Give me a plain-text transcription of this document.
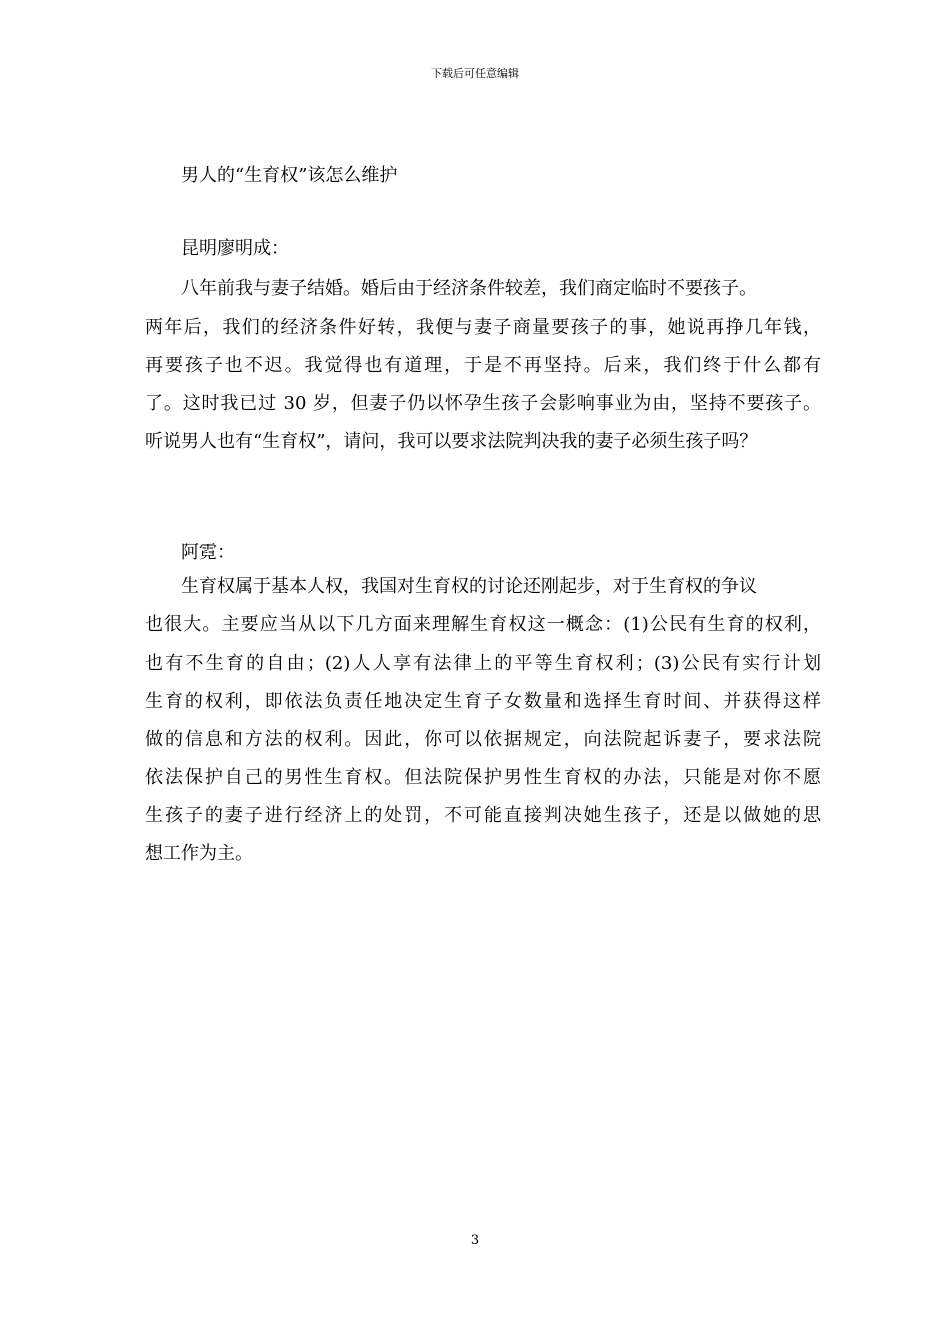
下载后可任意编辑
男人的“生育权”该怎么维护
昆明廖明成：
八年前我与妻子结婚。婚后由于经济条件较差，我们商定临时不要孩子。
两年后，我们的经济条件好转，我便与妻子商量要孩子的事，她说再挣几年钱，
再要孩子也不迟。我觉得也有道理，于是不再坚持。后来，我们终于什么都有
了。这时我已过 30 岁，但妻子仍以怀孕生孩子会影响事业为由，坚持不要孩子。
听说男人也有“生育权”，请问，我可以要求法院判决我的妻子必须生孩子吗？
阿霓：
生育权属于基本人权，我国对生育权的讨论还刚起步，对于生育权的争议
也很大。主要应当从以下几方面来理解生育权这一概念：(1)公民有生育的权利，
也有不生育的自由；(2)人人享有法律上的平等生育权利；(3)公民有实行计划
生育的权利，即依法负责任地决定生育子女数量和选择生育时间、并获得这样
做的信息和方法的权利。因此，你可以依据规定，向法院起诉妻子，要求法院
依法保护自己的男性生育权。但法院保护男性生育权的办法，只能是对你不愿
生孩子的妻子进行经济上的处罚，不可能直接判决她生孩子，还是以做她的思
想工作为主。
3
